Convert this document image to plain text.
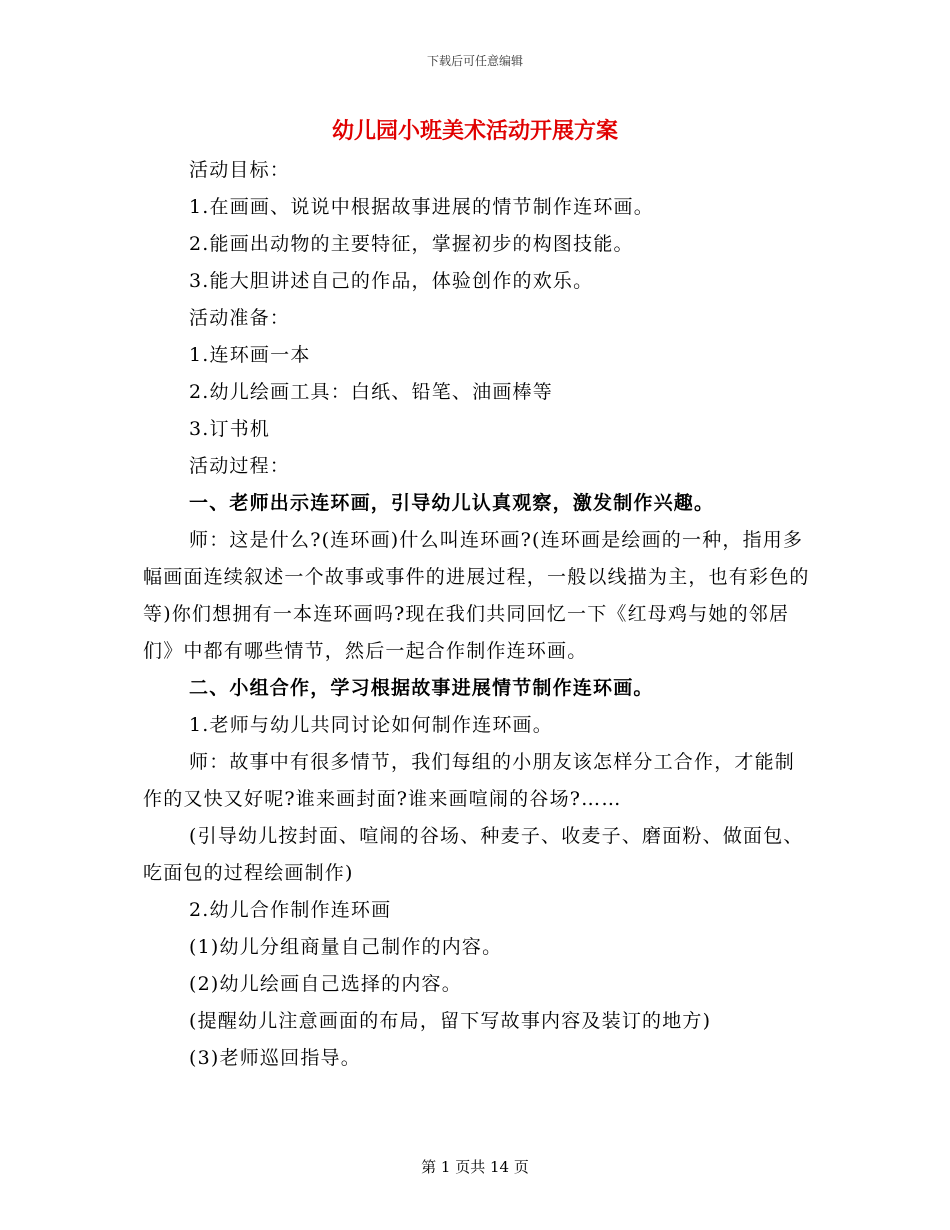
下载后可任意编辑
幼儿园小班美术活动开展方案
活动目标：
1.在画画、说说中根据故事进展的情节制作连环画。
2.能画出动物的主要特征，掌握初步的构图技能。
3.能大胆讲述自己的作品，体验创作的欢乐。
活动准备：
1.连环画一本
2.幼儿绘画工具：白纸、铅笔、油画棒等
3.订书机
活动过程：
一、老师出示连环画，引导幼儿认真观察，激发制作兴趣。
师：这是什么?(连环画)什么叫连环画?(连环画是绘画的一种，指用多幅画面连续叙述一个故事或事件的进展过程，一般以线描为主，也有彩色的等)你们想拥有一本连环画吗?现在我们共同回忆一下《红母鸡与她的邻居们》中都有哪些情节，然后一起合作制作连环画。
二、小组合作，学习根据故事进展情节制作连环画。
1.老师与幼儿共同讨论如何制作连环画。
师：故事中有很多情节，我们每组的小朋友该怎样分工合作，才能制作的又快又好呢?谁来画封面?谁来画喧闹的谷场?……
(引导幼儿按封面、喧闹的谷场、种麦子、收麦子、磨面粉、做面包、吃面包的过程绘画制作)
2.幼儿合作制作连环画
(1)幼儿分组商量自己制作的内容。
(2)幼儿绘画自己选择的内容。
(提醒幼儿注意画面的布局，留下写故事内容及装订的地方)
(3)老师巡回指导。
第 1 页共 14 页
